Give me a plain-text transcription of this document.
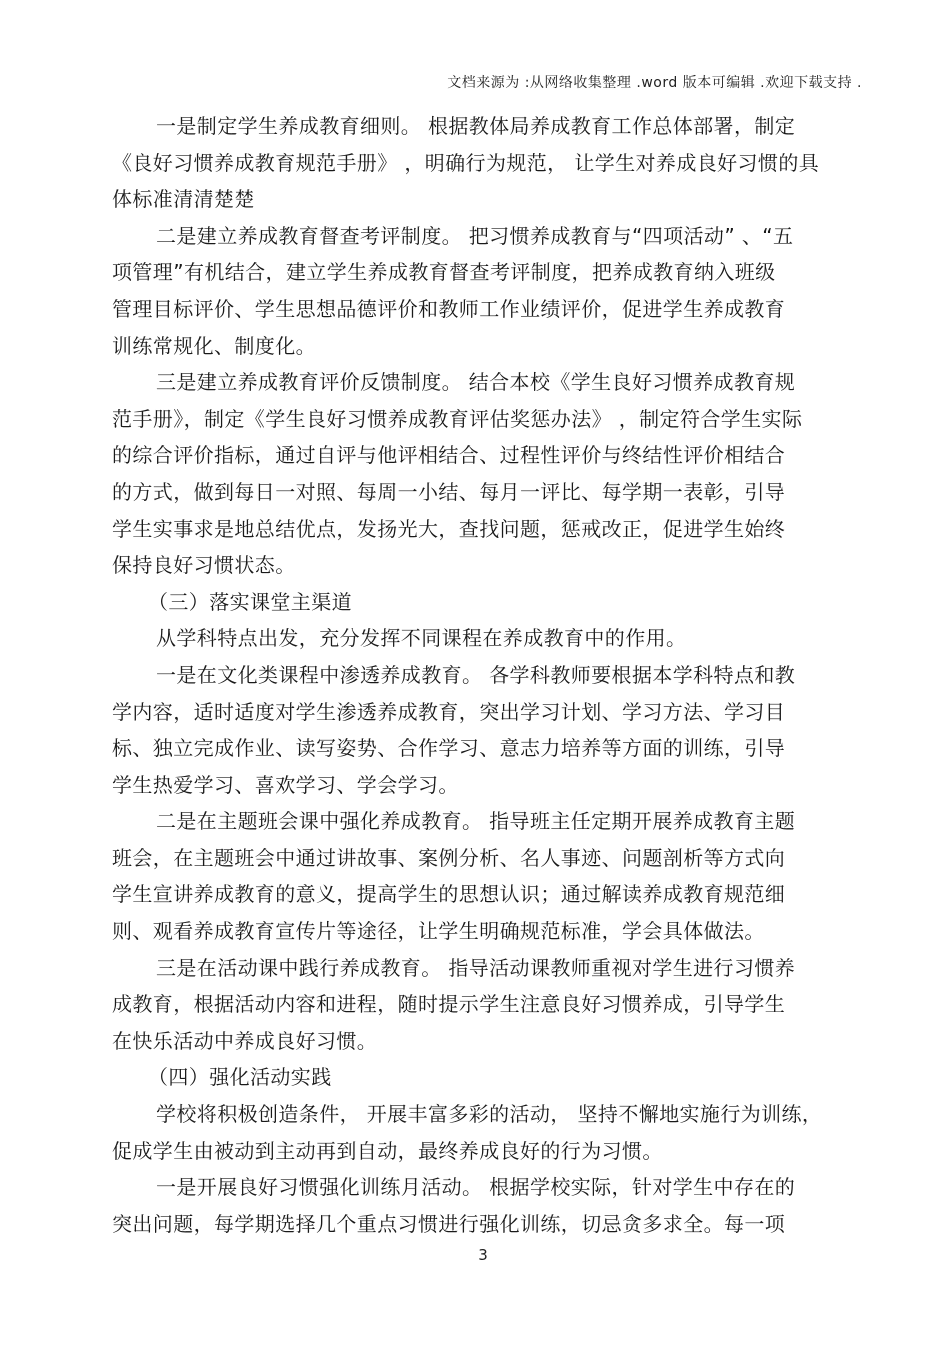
文档来源为 :从网络收集整理 .word 版本可编辑 .欢迎下载支持 .
一是制定学生养成教育细则。 根据教体局养成教育工作总体部署，制定
《良好习惯养成教育规范手册》 ，明确行为规范， 让学生对养成良好习惯的具
体标准清清楚楚
二是建立养成教育督查考评制度。 把习惯养成教育与“四项活动” 、“五
项管理”有机结合，建立学生养成教育督查考评制度，把养成教育纳入班级
管理目标评价、学生思想品德评价和教师工作业绩评价，促进学生养成教育
训练常规化、制度化。
三是建立养成教育评价反馈制度。 结合本校《学生良好习惯养成教育规
范手册》，制定《学生良好习惯养成教育评估奖惩办法》 ，制定符合学生实际
的综合评价指标，通过自评与他评相结合、过程性评价与终结性评价相结合
的方式，做到每日一对照、每周一小结、每月一评比、每学期一表彰，引导
学生实事求是地总结优点，发扬光大，查找问题，惩戒改正，促进学生始终
保持良好习惯状态。
（三）落实课堂主渠道
从学科特点出发，充分发挥不同课程在养成教育中的作用。
一是在文化类课程中渗透养成教育。 各学科教师要根据本学科特点和教
学内容，适时适度对学生渗透养成教育，突出学习计划、学习方法、学习目
标、独立完成作业、读写姿势、合作学习、意志力培养等方面的训练，引导
学生热爱学习、喜欢学习、学会学习。
二是在主题班会课中强化养成教育。 指导班主任定期开展养成教育主题
班会，在主题班会中通过讲故事、案例分析、名人事迹、问题剖析等方式向
学生宣讲养成教育的意义，提高学生的思想认识；通过解读养成教育规范细
则、观看养成教育宣传片等途径，让学生明确规范标准，学会具体做法。
三是在活动课中践行养成教育。 指导活动课教师重视对学生进行习惯养
成教育，根据活动内容和进程，随时提示学生注意良好习惯养成，引导学生
在快乐活动中养成良好习惯。
（四）强化活动实践
学校将积极创造条件， 开展丰富多彩的活动， 坚持不懈地实施行为训练，
促成学生由被动到主动再到自动，最终养成良好的行为习惯。
一是开展良好习惯强化训练月活动。 根据学校实际，针对学生中存在的
突出问题，每学期选择几个重点习惯进行强化训练，切忌贪多求全。每一项
3
